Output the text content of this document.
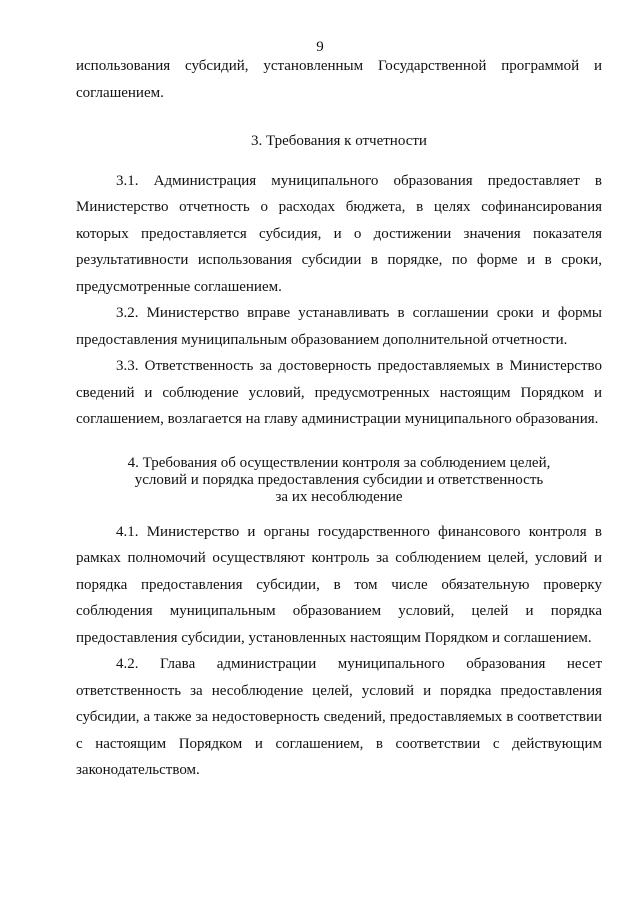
9

использования субсидий, установленным Государственной программой и

соглашением.

3. Требования к отчетности

3.1. Администрация муниципального образования предоставляет в Министерство отчетность о расходах бюджета, в целях софинансирования которых предоставляется субсидия, и о достижении значения показателя результативности использования субсидии в порядке, по форме и в сроки, предусмотренные соглашением.

3.2. Министерство вправе устанавливать в соглашении сроки и формы предоставления муниципальным образованием дополнительной отчетности.

3.3. Ответственность за достоверность предоставляемых в Министерство сведений и соблюдение условий, предусмотренных настоящим Порядком и соглашением, возлагается на главу администрации муниципального образования.

4. Требования об осуществлении контроля за соблюдением целей,
условий и порядка предоставления субсидии и ответственность
за их несоблюдение

4.1. Министерство и органы государственного финансового контроля в рамках полномочий осуществляют контроль за соблюдением целей, условий и порядка предоставления субсидии, в том числе обязательную проверку соблюдения муниципальным образованием условий, целей и порядка предоставления субсидии, установленных настоящим Порядком и соглашением.

4.2. Глава администрации муниципального образования несет ответственность за несоблюдение целей, условий и порядка предоставления субсидии, а также за недостоверность сведений, предоставляемых в соответствии с настоящим Порядком и соглашением, в соответствии с действующим законодательством.
